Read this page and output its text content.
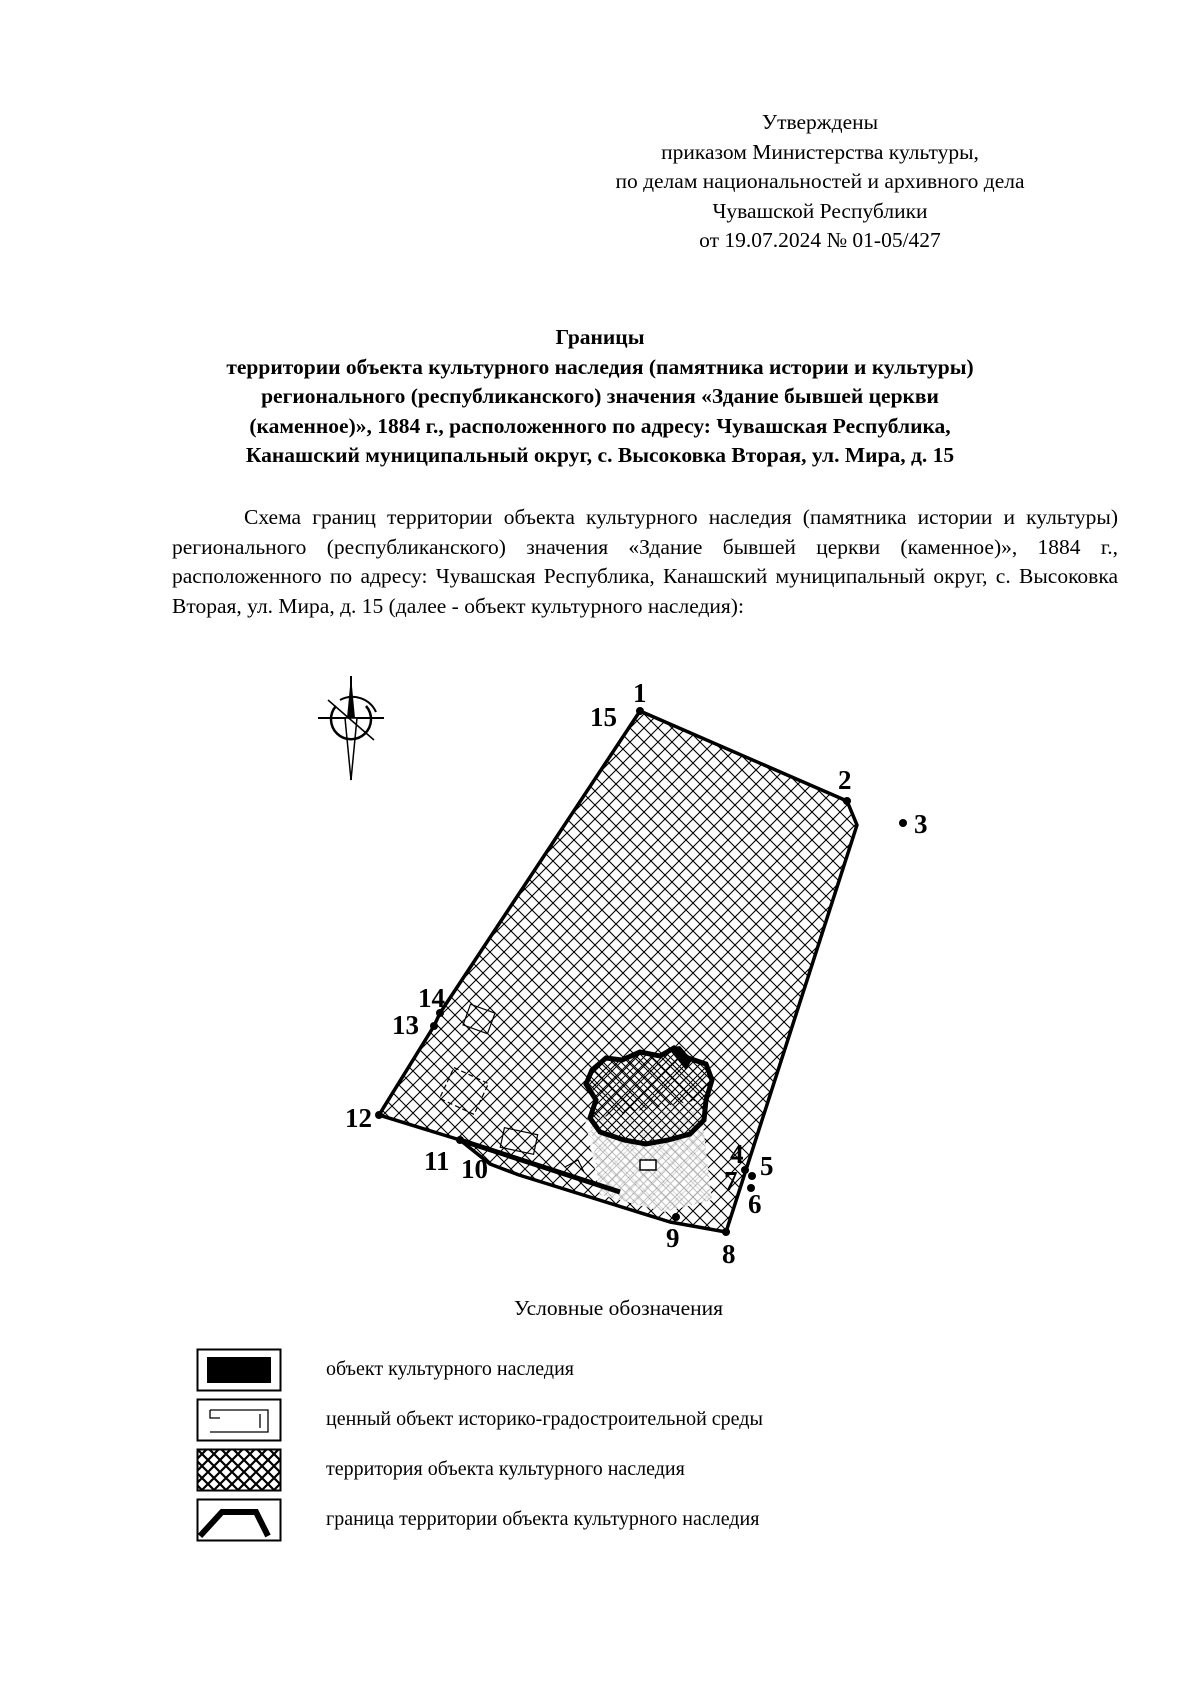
Утверждены
приказом Министерства культуры,
по делам национальностей и архивного дела
Чувашской Республики
от 19.07.2024 № 01-05/427
Границы
территории объекта культурного наследия (памятника истории и культуры)
регионального (республиканского) значения «Здание бывшей церкви
(каменное)», 1884 г., расположенного по адресу: Чувашская Республика,
Канашский муниципальный округ, с. Высоковка Вторая, ул. Мира, д. 15

Схема границ территории объекта культурного наследия (памятника истории и культуры) регионального (республиканского) значения «Здание бывшей церкви (каменное)», 1884 г., расположенного по адресу: Чувашская Республика, Канашский муниципальный округ, с. Высоковка Вторая, ул. Мира, д. 15 (далее - объект культурного наследия):

1
2
3
4 5
6
7
8
9
10
11
12
13
14
15
Условные обозначения
объект культурного наследия
ценный объект историко-градостроительной среды
территория объекта культурного наследия
граница территории объекта культурного наследия
